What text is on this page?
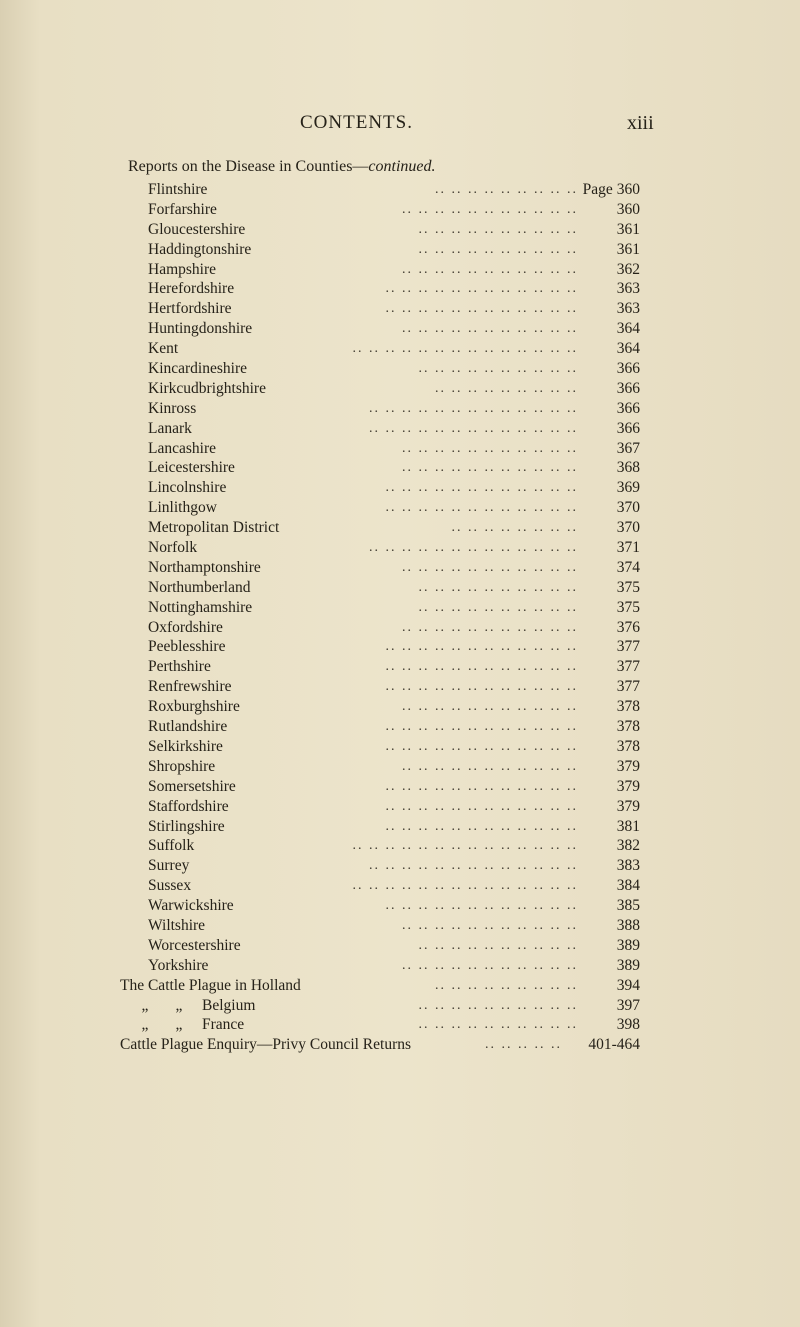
CONTENTS.	xiii
Reports on the Disease in Counties—continued.
Flintshire	.. .. .. .. .. .. .. .. .. Page 360
Forfarshire	.. .. .. .. .. .. .. .. .. .. ..	360
Gloucestershire	.. .. .. .. .. .. .. .. .. ..	361
Haddingtonshire	.. .. .. .. .. .. .. .. .. ..	361
Hampshire	.. .. .. .. .. .. .. .. .. .. ..	362
Herefordshire	.. .. .. .. .. .. .. .. .. .. .. ..	363
Hertfordshire	.. .. .. .. .. .. .. .. .. .. .. ..	363
Huntingdonshire	.. .. .. .. .. .. .. .. .. .. ..	364
Kent	.. .. .. .. .. .. .. .. .. .. .. .. .. ..	364
Kincardineshire	.. .. .. .. .. .. .. .. .. ..	366
Kirkcudbrightshire	.. .. .. .. .. .. .. .. ..	366
Kinross	.. .. .. .. .. .. .. .. .. .. .. .. ..	366
Lanark	.. .. .. .. .. .. .. .. .. .. .. .. ..	366
Lancashire	.. .. .. .. .. .. .. .. .. .. ..	367
Leicestershire	.. .. .. .. .. .. .. .. .. .. ..	368
Lincolnshire	.. .. .. .. .. .. .. .. .. .. .. ..	369
Linlithgow	.. .. .. .. .. .. .. .. .. .. .. ..	370
Metropolitan District	.. .. .. .. .. .. .. ..	370
Norfolk	.. .. .. .. .. .. .. .. .. .. .. .. ..	371
Northamptonshire	.. .. .. .. .. .. .. .. .. .. ..	374
Northumberland	.. .. .. .. .. .. .. .. .. ..	375
Nottinghamshire	.. .. .. .. .. .. .. .. .. ..	375
Oxfordshire	.. .. .. .. .. .. .. .. .. .. ..	376
Peeblesshire	.. .. .. .. .. .. .. .. .. .. .. ..	377
Perthshire	.. .. .. .. .. .. .. .. .. .. .. ..	377
Renfrewshire	.. .. .. .. .. .. .. .. .. .. .. ..	377
Roxburghshire	.. .. .. .. .. .. .. .. .. .. ..	378
Rutlandshire	.. .. .. .. .. .. .. .. .. .. .. ..	378
Selkirkshire	.. .. .. .. .. .. .. .. .. .. .. ..	378
Shropshire	.. .. .. .. .. .. .. .. .. .. ..	379
Somersetshire	.. .. .. .. .. .. .. .. .. .. .. ..	379
Staffordshire	.. .. .. .. .. .. .. .. .. .. .. ..	379
Stirlingshire	.. .. .. .. .. .. .. .. .. .. .. ..	381
Suffolk	.. .. .. .. .. .. .. .. .. .. .. .. .. ..	382
Surrey	.. .. .. .. .. .. .. .. .. .. .. .. ..	383
Sussex	.. .. .. .. .. .. .. .. .. .. .. .. .. ..	384
Warwickshire	.. .. .. .. .. .. .. .. .. .. .. ..	385
Wiltshire	.. .. .. .. .. .. .. .. .. .. ..	388
Worcestershire	.. .. .. .. .. .. .. .. .. ..	389
Yorkshire	.. .. .. .. .. .. .. .. .. .. ..	389
The Cattle Plague in Holland	.. .. .. .. .. .. .. .. ..	394
„ „ Belgium	.. .. .. .. .. .. .. .. .. ..	397
„ „ France	.. .. .. .. .. .. .. .. .. ..	398
Cattle Plague Enquiry—Privy Council Returns	.. .. .. .. .. 401-464
